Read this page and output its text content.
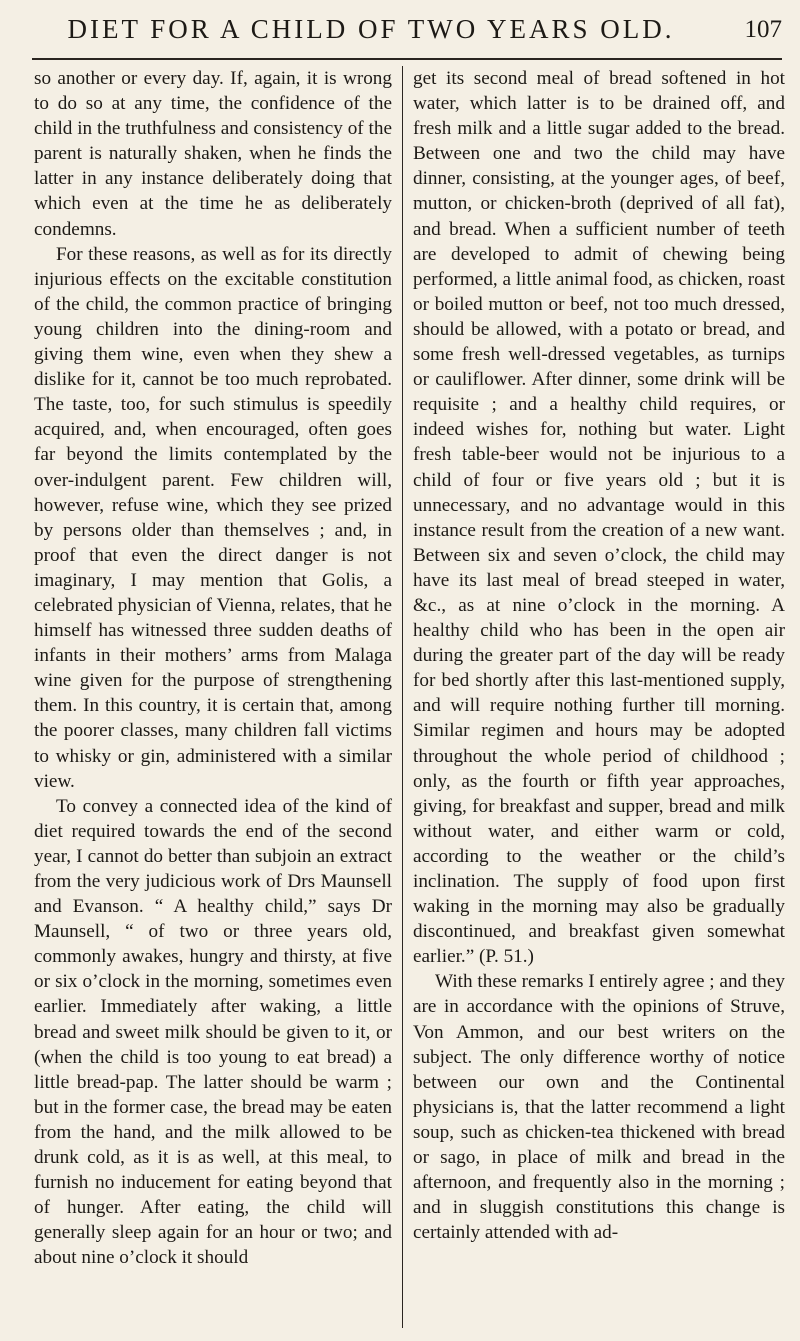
DIET FOR A CHILD OF TWO YEARS OLD.	107

so another or every day. If, again, it is wrong to do so at any time, the confidence of the child in the truthfulness and consistency of the parent is naturally shaken, when he finds the latter in any instance deliberately doing that which even at the time he as deliberately condemns.

For these reasons, as well as for its directly injurious effects on the excitable constitution of the child, the common practice of bringing young children into the dining-room and giving them wine, even when they shew a dislike for it, cannot be too much reprobated. The taste, too, for such stimulus is speedily acquired, and, when encouraged, often goes far beyond the limits contemplated by the over-indulgent parent. Few children will, however, refuse wine, which they see prized by persons older than themselves ; and, in proof that even the direct danger is not imaginary, I may mention that Golis, a celebrated physician of Vienna, relates, that he himself has witnessed three sudden deaths of infants in their mothers’ arms from Malaga wine given for the purpose of strengthening them. In this country, it is certain that, among the poorer classes, many children fall victims to whisky or gin, administered with a similar view.

To convey a connected idea of the kind of diet required towards the end of the second year, I cannot do better than subjoin an extract from the very judicious work of Drs Maunsell and Evanson. “ A healthy child,” says Dr Maunsell, “ of two or three years old, commonly awakes, hungry and thirsty, at five or six o’clock in the morning, sometimes even earlier. Immediately after waking, a little bread and sweet milk should be given to it, or (when the child is too young to eat bread) a little bread-pap. The latter should be warm ; but in the former case, the bread may be eaten from the hand, and the milk allowed to be drunk cold, as it is as well, at this meal, to furnish no inducement for eating beyond that of hunger. After eating, the child will generally sleep again for an hour or two; and about nine o’clock it should

get its second meal of bread softened in hot water, which latter is to be drained off, and fresh milk and a little sugar added to the bread. Between one and two the child may have dinner, consisting, at the younger ages, of beef, mutton, or chicken-broth (deprived of all fat), and bread. When a sufficient number of teeth are developed to admit of chewing being performed, a little animal food, as chicken, roast or boiled mutton or beef, not too much dressed, should be allowed, with a potato or bread, and some fresh well-dressed vegetables, as turnips or cauliflower. After dinner, some drink will be requisite ; and a healthy child requires, or indeed wishes for, nothing but water. Light fresh table-beer would not be injurious to a child of four or five years old ; but it is unnecessary, and no advantage would in this instance result from the creation of a new want. Between six and seven o’clock, the child may have its last meal of bread steeped in water, &c., as at nine o’clock in the morning. A healthy child who has been in the open air during the greater part of the day will be ready for bed shortly after this last-mentioned supply, and will require nothing further till morning. Similar regimen and hours may be adopted throughout the whole period of childhood ; only, as the fourth or fifth year approaches, giving, for breakfast and supper, bread and milk without water, and either warm or cold, according to the weather or the child’s inclination. The supply of food upon first waking in the morning may also be gradually discontinued, and breakfast given somewhat earlier.” (P. 51.)

With these remarks I entirely agree ; and they are in accordance with the opinions of Struve, Von Ammon, and our best writers on the subject. The only difference worthy of notice between our own and the Continental physicians is, that the latter recommend a light soup, such as chicken-tea thickened with bread or sago, in place of milk and bread in the afternoon, and frequently also in the morning ; and in sluggish constitutions this change is certainly attended with ad-
